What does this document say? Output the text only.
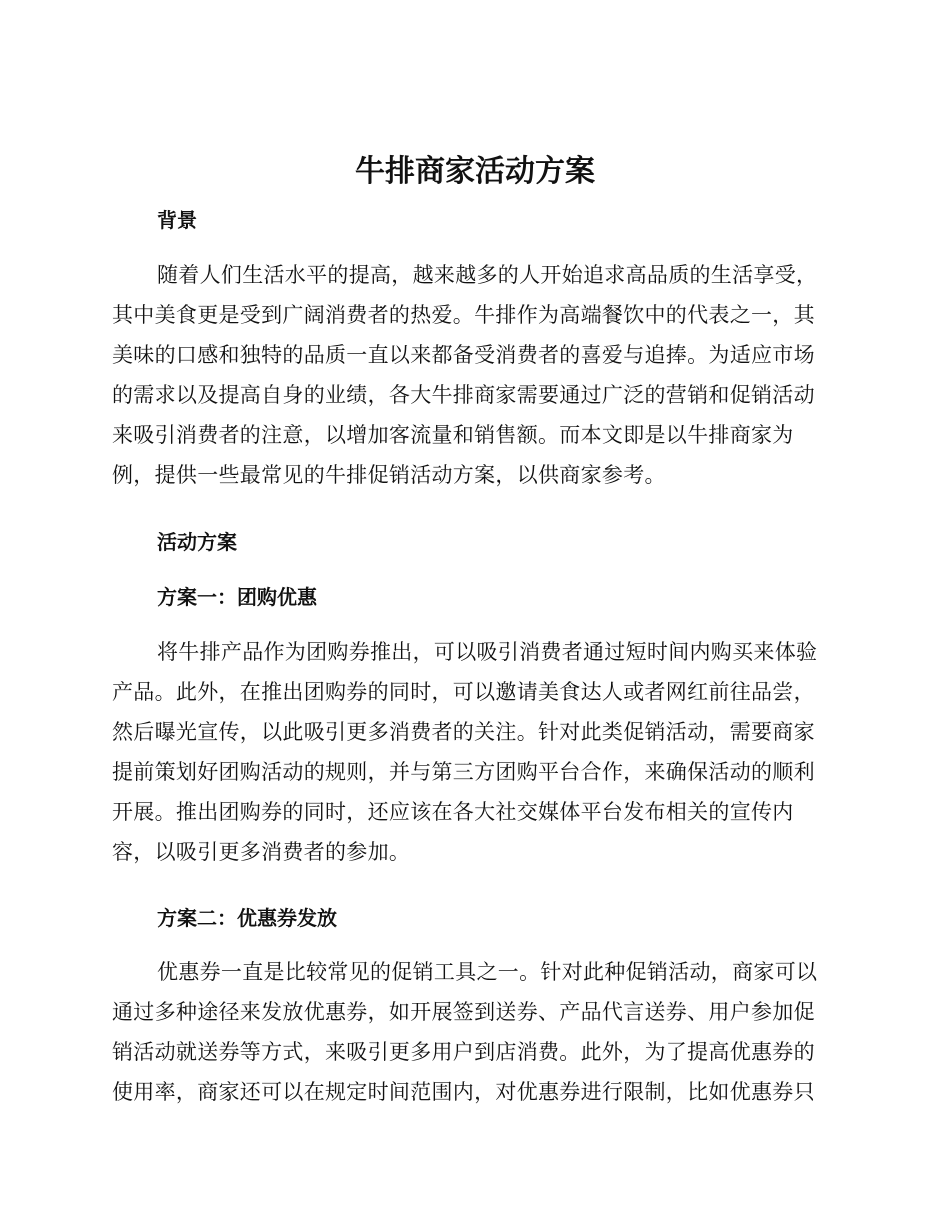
牛排商家活动方案
背景
随着人们生活水平的提高，越来越多的人开始追求高品质的生活享受，
其中美食更是受到广阔消费者的热爱。牛排作为高端餐饮中的代表之一，其
美味的口感和独特的品质一直以来都备受消费者的喜爱与追捧。为适应市场
的需求以及提高自身的业绩，各大牛排商家需要通过广泛的营销和促销活动
来吸引消费者的注意，以增加客流量和销售额。而本文即是以牛排商家为
例，提供一些最常见的牛排促销活动方案，以供商家参考。
活动方案
方案一：团购优惠
将牛排产品作为团购券推出，可以吸引消费者通过短时间内购买来体验
产品。此外，在推出团购券的同时，可以邀请美食达人或者网红前往品尝，
然后曝光宣传，以此吸引更多消费者的关注。针对此类促销活动，需要商家
提前策划好团购活动的规则，并与第三方团购平台合作，来确保活动的顺利
开展。推出团购券的同时，还应该在各大社交媒体平台发布相关的宣传内
容，以吸引更多消费者的参加。
方案二：优惠券发放
优惠券一直是比较常见的促销工具之一。针对此种促销活动，商家可以
通过多种途径来发放优惠券，如开展签到送券、产品代言送券、用户参加促
销活动就送券等方式，来吸引更多用户到店消费。此外，为了提高优惠券的
使用率，商家还可以在规定时间范围内，对优惠券进行限制，比如优惠券只
